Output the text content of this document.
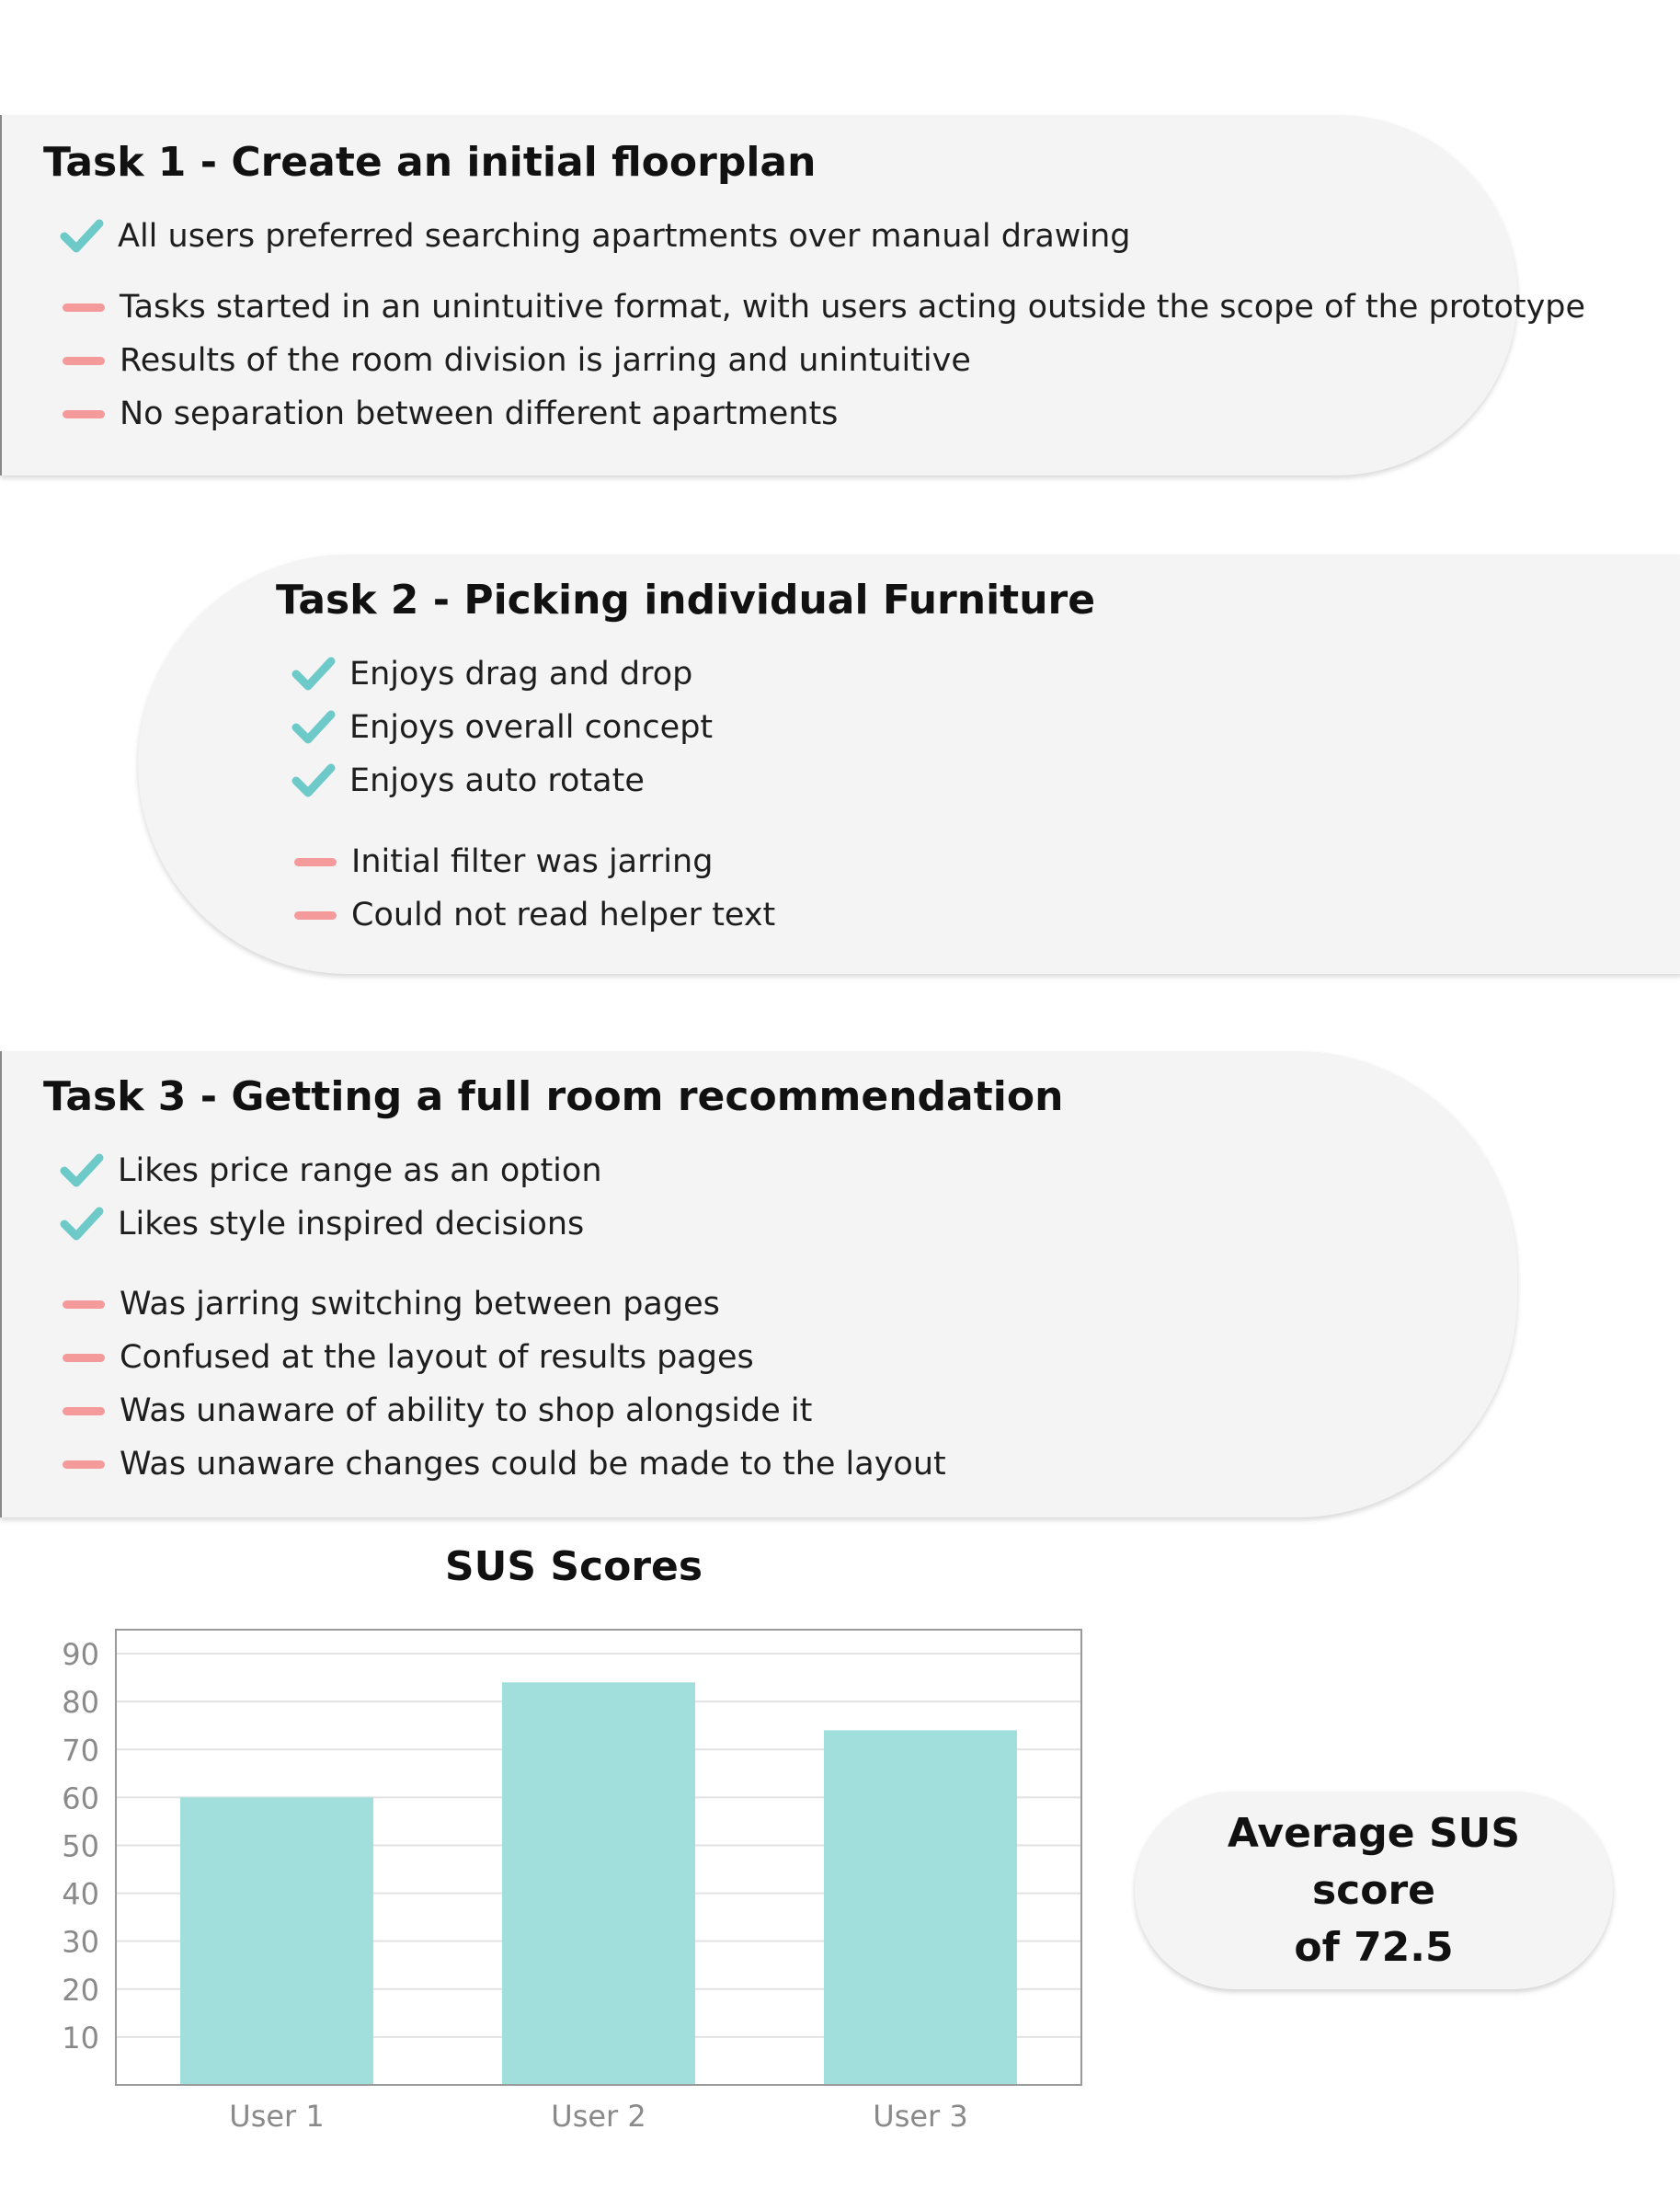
Task 1 - Create an initial floorplan
All users preferred searching apartments over manual drawing
Tasks started in an unintuitive format, with users acting outside the scope of the prototype
Results of the room division is jarring and unintuitive
No separation between different apartments
Task 2 - Picking individual Furniture
Enjoys drag and drop
Enjoys overall concept
Enjoys auto rotate
Initial filter was jarring
Could not read helper text
Task 3 - Getting a full room recommendation
Likes price range as an option
Likes style inspired decisions
Was jarring switching between pages
Confused at the layout of results pages
Was unaware of ability to shop alongside it
Was unaware changes could be made to the layout
SUS Scores
10
20
30
40
50
60
70
80
90
User 1	User 2	User 3
Average SUS score
of 72.5
